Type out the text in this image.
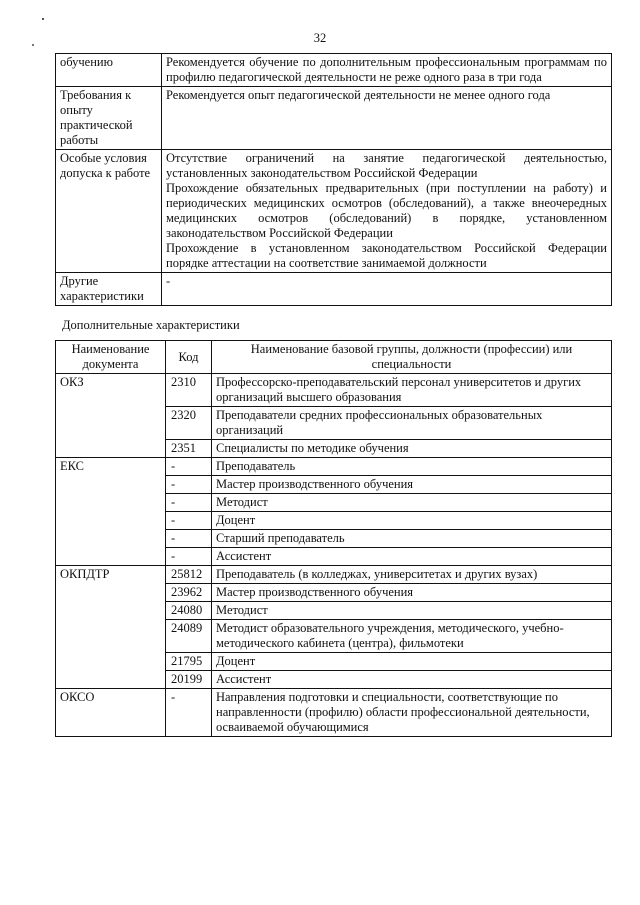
32
обучению	Рекомендуется обучение по дополнительным профессиональным программам по профилю педагогической деятельности не реже одного раза в три года
Требования к опыту практической работы	Рекомендуется опыт педагогической деятельности не менее одного года
Особые условия допуска к работе	Отсутствие ограничений на занятие педагогической деятельностью, установленных законодательством Российской Федерации
Прохождение обязательных предварительных (при поступлении на работу) и периодических медицинских осмотров (обследований), а также внеочередных медицинских осмотров (обследований) в порядке, установленном законодательством Российской Федерации
Прохождение в установленном законодательством Российской Федерации порядке аттестации на соответствие занимаемой должности

Другие характеристики	-
Дополнительные характеристики
Наименование документа	Код	Наименование базовой группы, должности (профессии) или специальности
ОКЗ	2310	Профессорско-преподавательский персонал университетов и других организаций высшего образования
	2320	Преподаватели средних профессиональных образовательных организаций
	2351	Специалисты по методике обучения
ЕКС	-	Преподаватель
	-	Мастер производственного обучения
	-	Методист
	-	Доцент
	-	Старший преподаватель
	-	Ассистент
ОКПДТР	25812	Преподаватель (в колледжах, университетах и других вузах)
	23962	Мастер производственного обучения
	24080	Методист
	24089	Методист образовательного учреждения, методического, учебно-методического кабинета (центра), фильмотеки
	21795	Доцент
	20199	Ассистент
ОКСО	-	Направления подготовки и специальности, соответствующие по направленности (профилю) области профессиональной деятельности, осваиваемой обучающимися
